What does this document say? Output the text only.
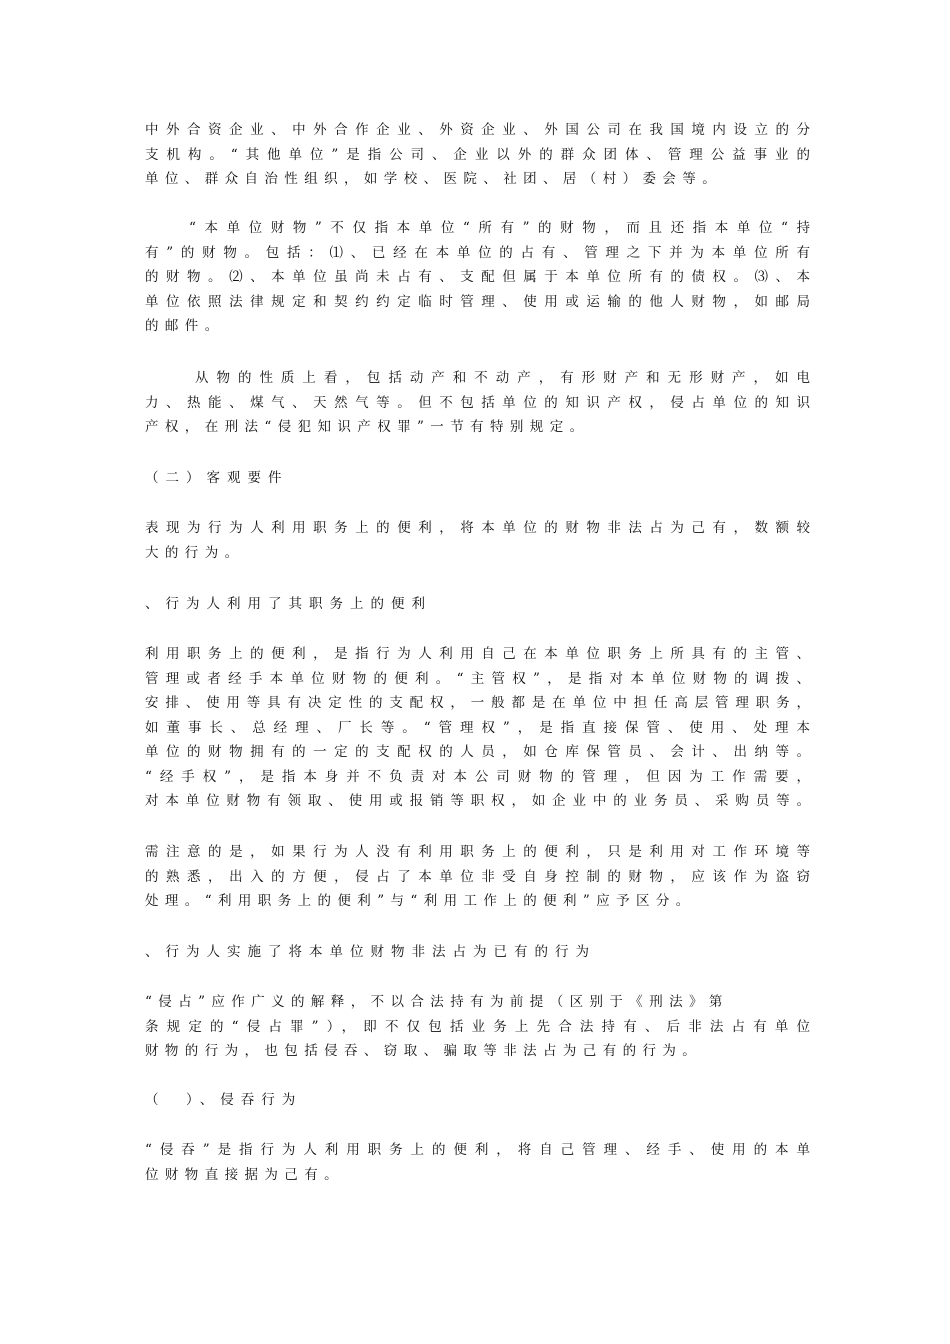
中外合资企业、中外合作企业、外资企业、外国公司在我国境内设立的分
支机构。“其他单位”是指公司、企业以外的群众团体、管理公益事业的
单位、群众自治性组织，如学校、医院、社团、居（村）委会等。
“本单位财物”不仅指本单位“所有”的财物，而且还指本单位“持
有”的财物。包括：⑴、已经在本单位的占有、管理之下并为本单位所有
的财物。⑵、本单位虽尚未占有、支配但属于本单位所有的债权。⑶、本
单位依照法律规定和契约约定临时管理、使用或运输的他人财物，如邮局
的邮件。
从物的性质上看，包括动产和不动产，有形财产和无形财产，如电
力、热能、煤气、天然气等。但不包括单位的知识产权，侵占单位的知识
产权，在刑法“侵犯知识产权罪”一节有特别规定。
（二）客观要件
表现为行为人利用职务上的便利，将本单位的财物非法占为己有，数额较
大的行为。
、行为人利用了其职务上的便利
利用职务上的便利，是指行为人利用自己在本单位职务上所具有的主管、
管理或者经手本单位财物的便利。“主管权”，是指对本单位财物的调拨、
安排、使用等具有决定性的支配权，一般都是在单位中担任高层管理职务，
如董事长、总经理、厂长等。“管理权”，是指直接保管、使用、处理本
单位的财物拥有的一定的支配权的人员，如仓库保管员、会计、出纳等。
“经手权”，是指本身并不负责对本公司财物的管理，但因为工作需要，
对本单位财物有领取、使用或报销等职权，如企业中的业务员、采购员等。
需注意的是，如果行为人没有利用职务上的便利，只是利用对工作环境等
的熟悉，出入的方便，侵占了本单位非受自身控制的财物，应该作为盗窃
处理。“利用职务上的便利”与“利用工作上的便利”应予区分。
、行为人实施了将本单位财物非法占为已有的行为
“侵占”应作广义的解释，不以合法持有为前提（区别于《刑法》第
条规定的“侵占罪”），即不仅包括业务上先合法持有、后非法占有单位
财物的行为，也包括侵吞、窃取、骗取等非法占为己有的行为。
（　）、侵吞行为
“侵吞”是指行为人利用职务上的便利，将自己管理、经手、使用的本单
位财物直接据为己有。
